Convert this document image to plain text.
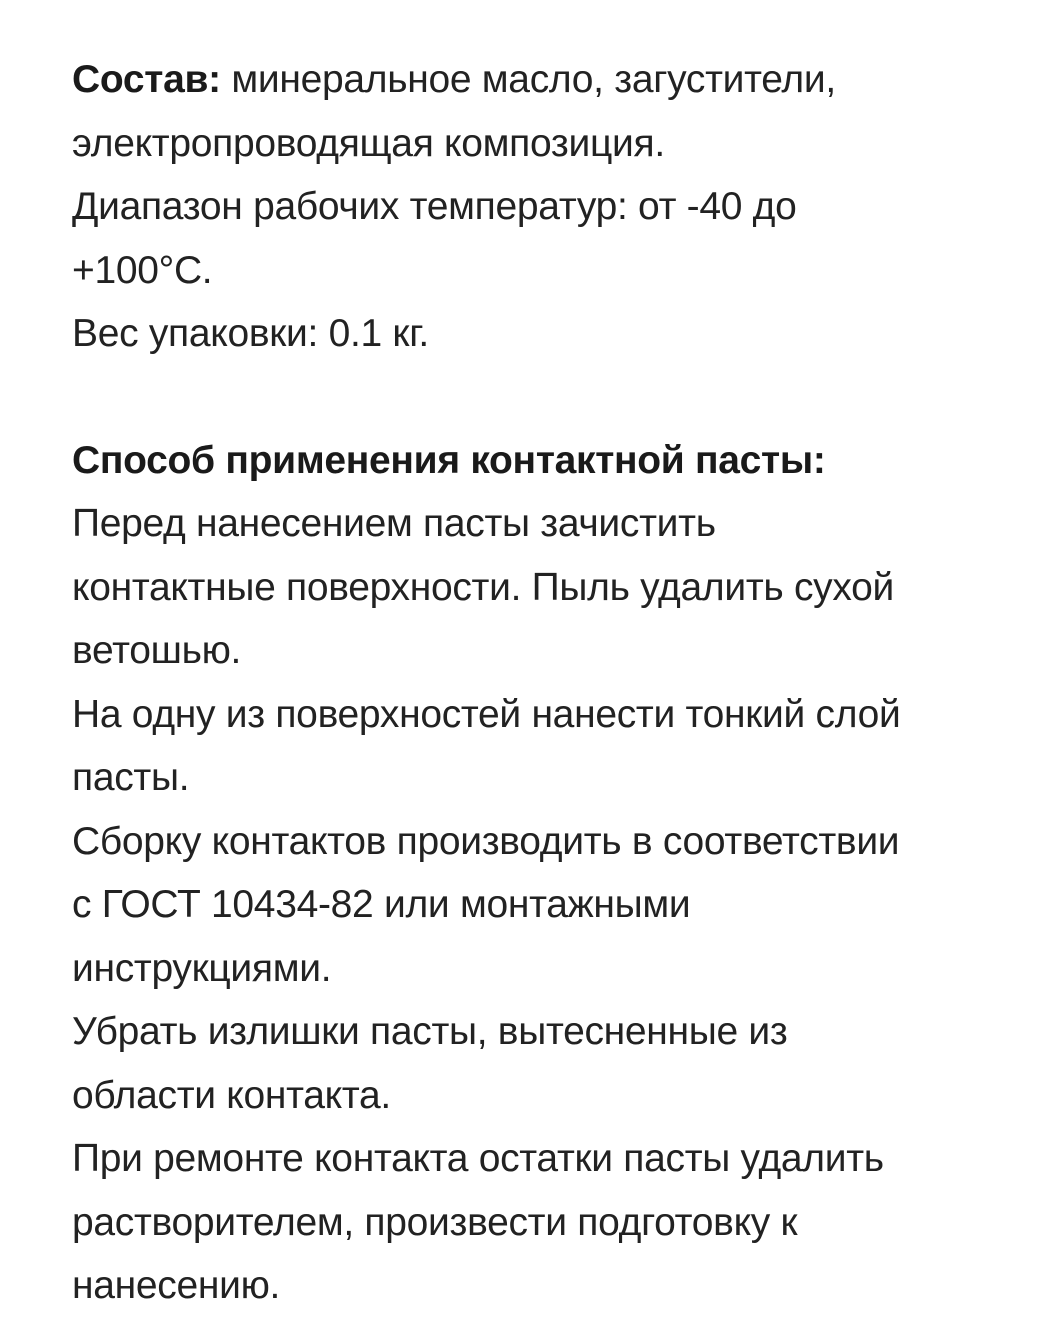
Состав: минеральное масло, загустители,
электропроводящая композиция.
Диапазон рабочих температур: от -40 до
+100°С.
Вес упаковки: 0.1 кг.
Способ применения контактной пасты:
Перед нанесением пасты зачистить
контактные поверхности. Пыль удалить сухой
ветошью.
На одну из поверхностей нанести тонкий слой
пасты.
Сборку контактов производить в соответствии
с ГОСТ 10434-82 или монтажными
инструкциями.
Убрать излишки пасты, вытесненные из
области контакта.
При ремонте контакта остатки пасты удалить
растворителем, произвести подготовку к
нанесению.
